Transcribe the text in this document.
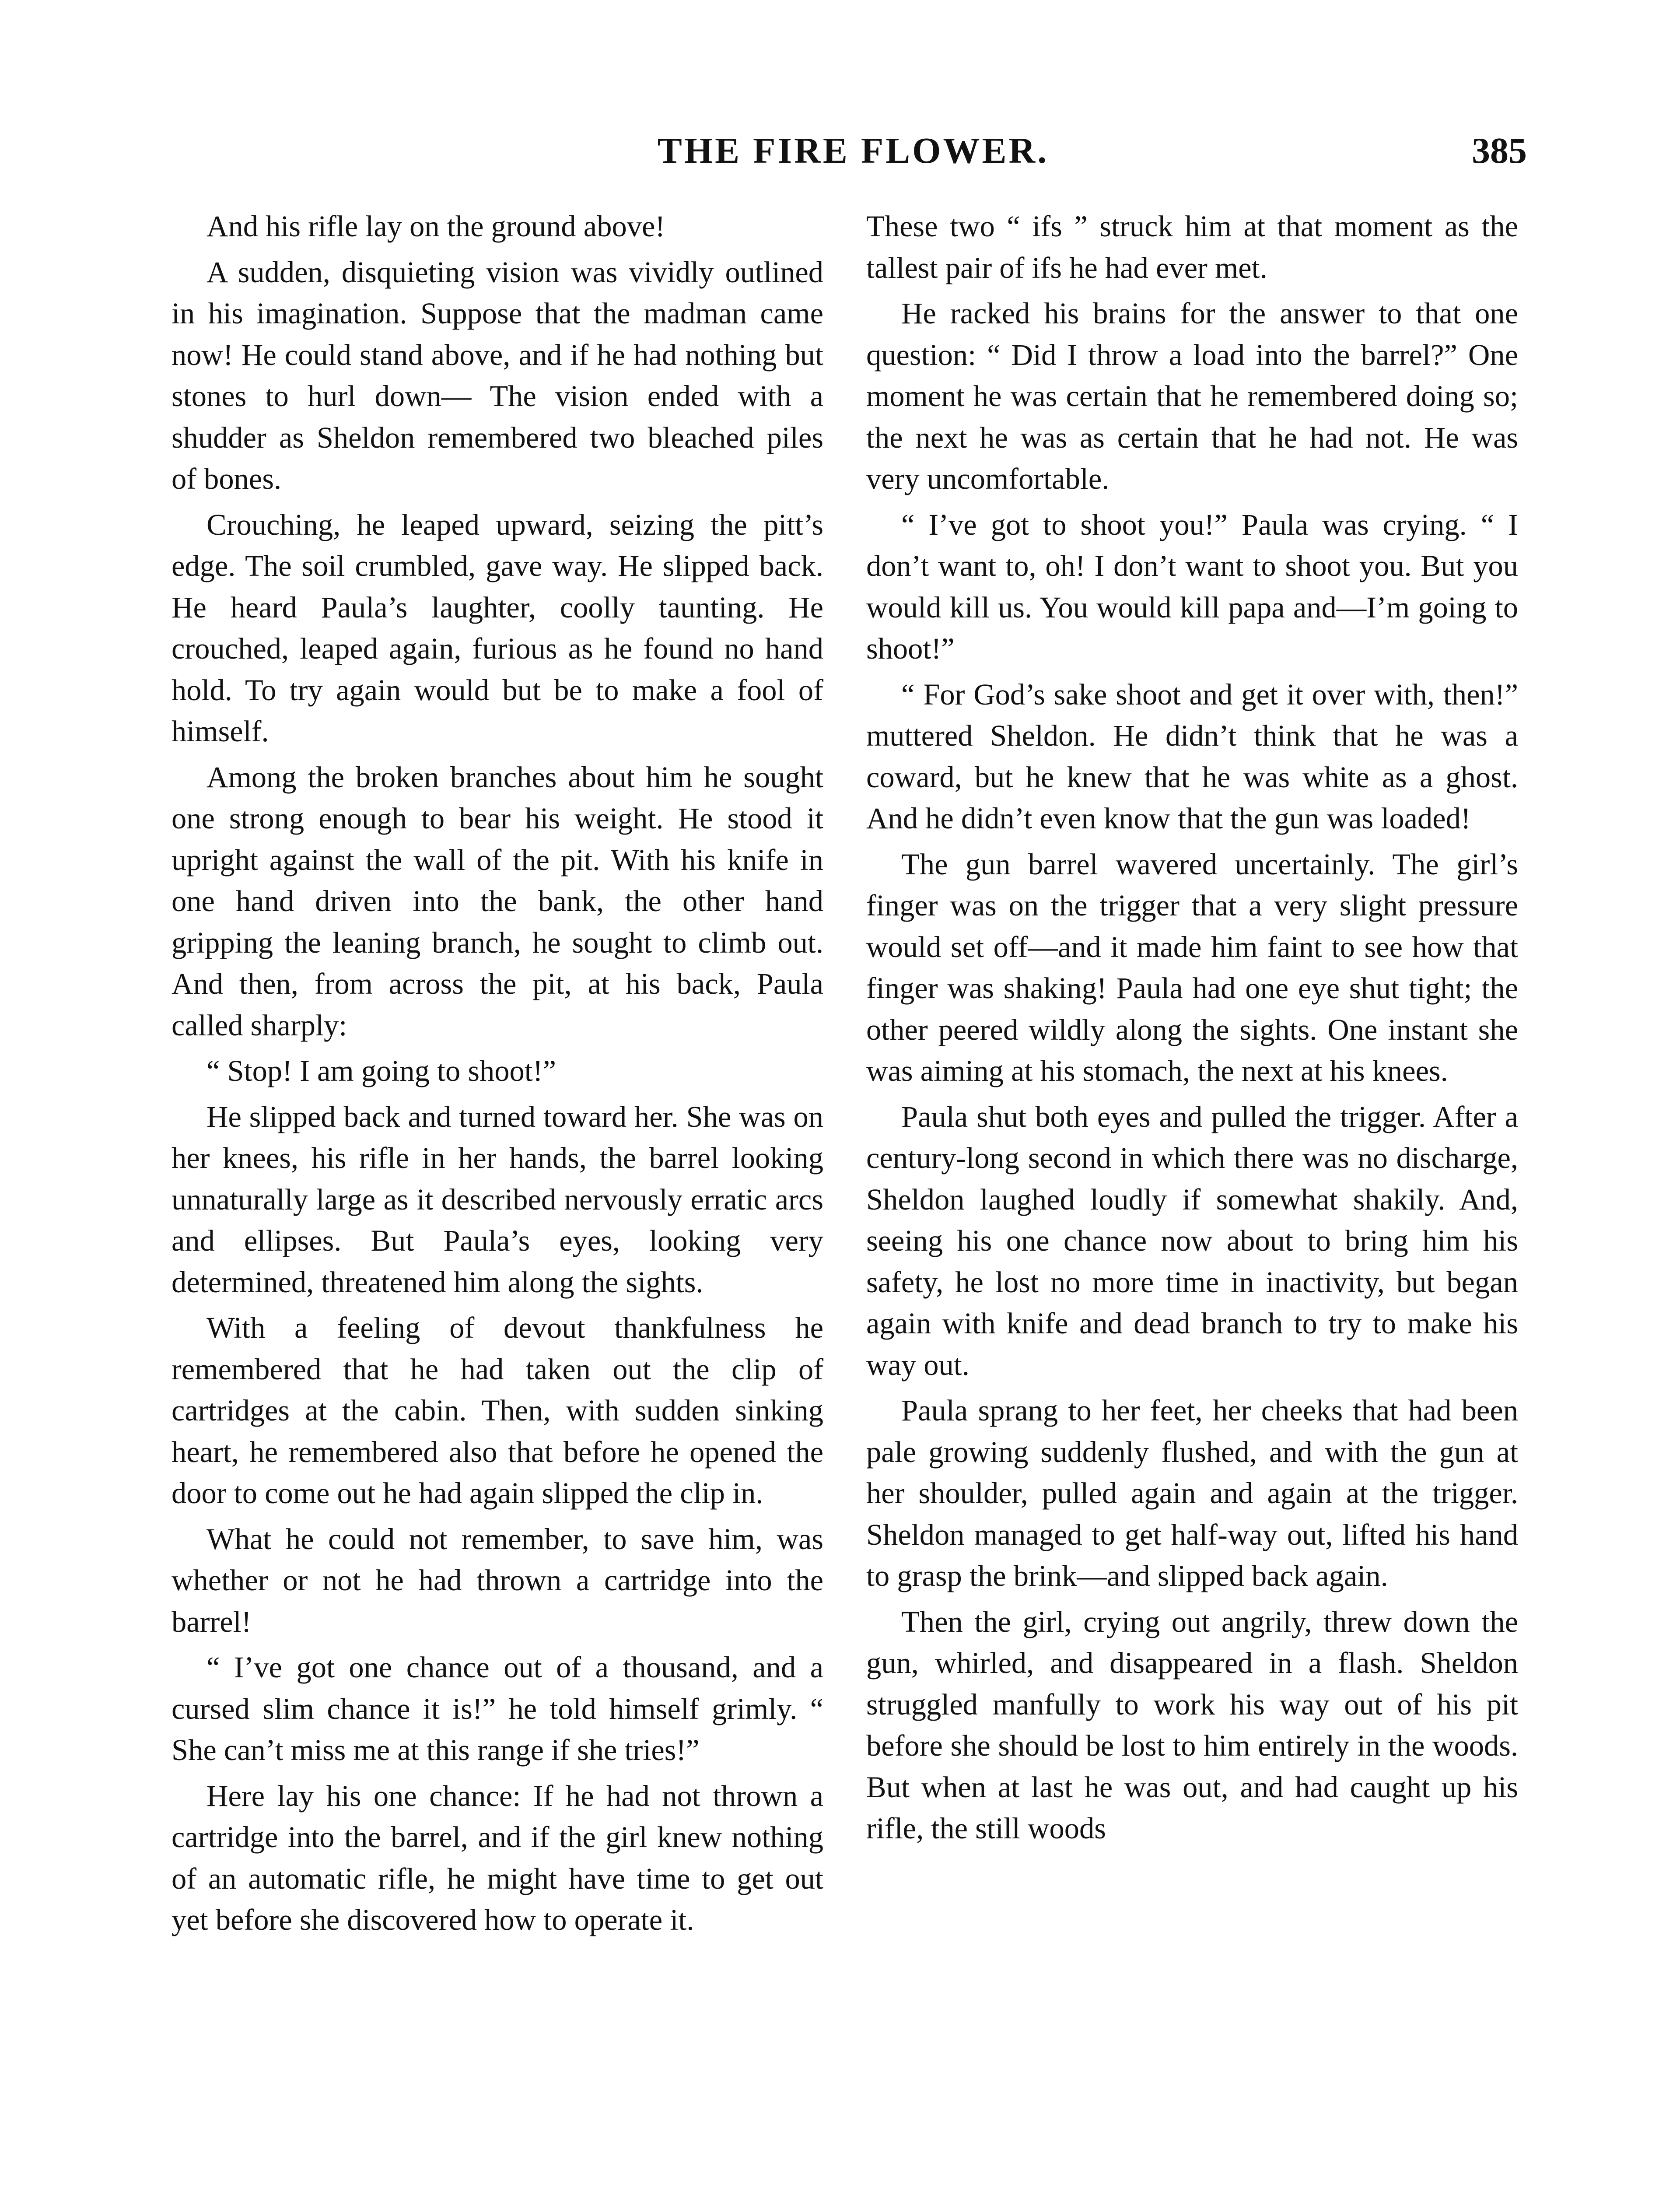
THE FIRE FLOWER.	385

And his rifle lay on the ground above!

A sudden, disquieting vision was vividly outlined in his imagination. Suppose that the madman came now! He could stand above, and if he had nothing but stones to hurl down— The vision ended with a shudder as Sheldon remembered two bleached piles of bones.

Crouching, he leaped upward, seizing the pitt’s edge. The soil crumbled, gave way. He slipped back. He heard Paula’s laughter, coolly taunting. He crouched, leaped again, furious as he found no hand hold. To try again would but be to make a fool of himself.

Among the broken branches about him he sought one strong enough to bear his weight. He stood it upright against the wall of the pit. With his knife in one hand driven into the bank, the other hand gripping the leaning branch, he sought to climb out. And then, from across the pit, at his back, Paula called sharply:

“ Stop! I am going to shoot!”

He slipped back and turned toward her. She was on her knees, his rifle in her hands, the barrel looking unnaturally large as it described nervously erratic arcs and ellipses. But Paula’s eyes, looking very determined, threatened him along the sights.

With a feeling of devout thankfulness he remembered that he had taken out the clip of cartridges at the cabin. Then, with sudden sinking heart, he remembered also that before he opened the door to come out he had again slipped the clip in.

What he could not remember, to save him, was whether or not he had thrown a cartridge into the barrel!

“ I’ve got one chance out of a thousand, and a cursed slim chance it is!” he told himself grimly. “ She can’t miss me at this range if she tries!”

Here lay his one chance: If he had not thrown a cartridge into the barrel, and if the girl knew nothing of an automatic rifle, he might have time to get out yet before she discovered how to operate it.

These two “ ifs ” struck him at that moment as the tallest pair of ifs he had ever met.

He racked his brains for the answer to that one question: “ Did I throw a load into the barrel?” One moment he was certain that he remembered doing so; the next he was as certain that he had not. He was very uncomfortable.

“ I’ve got to shoot you!” Paula was crying. “ I don’t want to, oh! I don’t want to shoot you. But you would kill us. You would kill papa and—I’m going to shoot!”

“ For God’s sake shoot and get it over with, then!” muttered Sheldon. He didn’t think that he was a coward, but he knew that he was white as a ghost. And he didn’t even know that the gun was loaded!

The gun barrel wavered uncertainly. The girl’s finger was on the trigger that a very slight pressure would set off—and it made him faint to see how that finger was shaking! Paula had one eye shut tight; the other peered wildly along the sights. One instant she was aiming at his stomach, the next at his knees.

Paula shut both eyes and pulled the trigger. After a century-long second in which there was no discharge, Sheldon laughed loudly if somewhat shakily. And, seeing his one chance now about to bring him his safety, he lost no more time in inactivity, but began again with knife and dead branch to try to make his way out.

Paula sprang to her feet, her cheeks that had been pale growing suddenly flushed, and with the gun at her shoulder, pulled again and again at the trigger. Sheldon managed to get half-way out, lifted his hand to grasp the brink—and slipped back again.

Then the girl, crying out angrily, threw down the gun, whirled, and disappeared in a flash. Sheldon struggled manfully to work his way out of his pit before she should be lost to him entirely in the woods. But when at last he was out, and had caught up his rifle, the still woods
